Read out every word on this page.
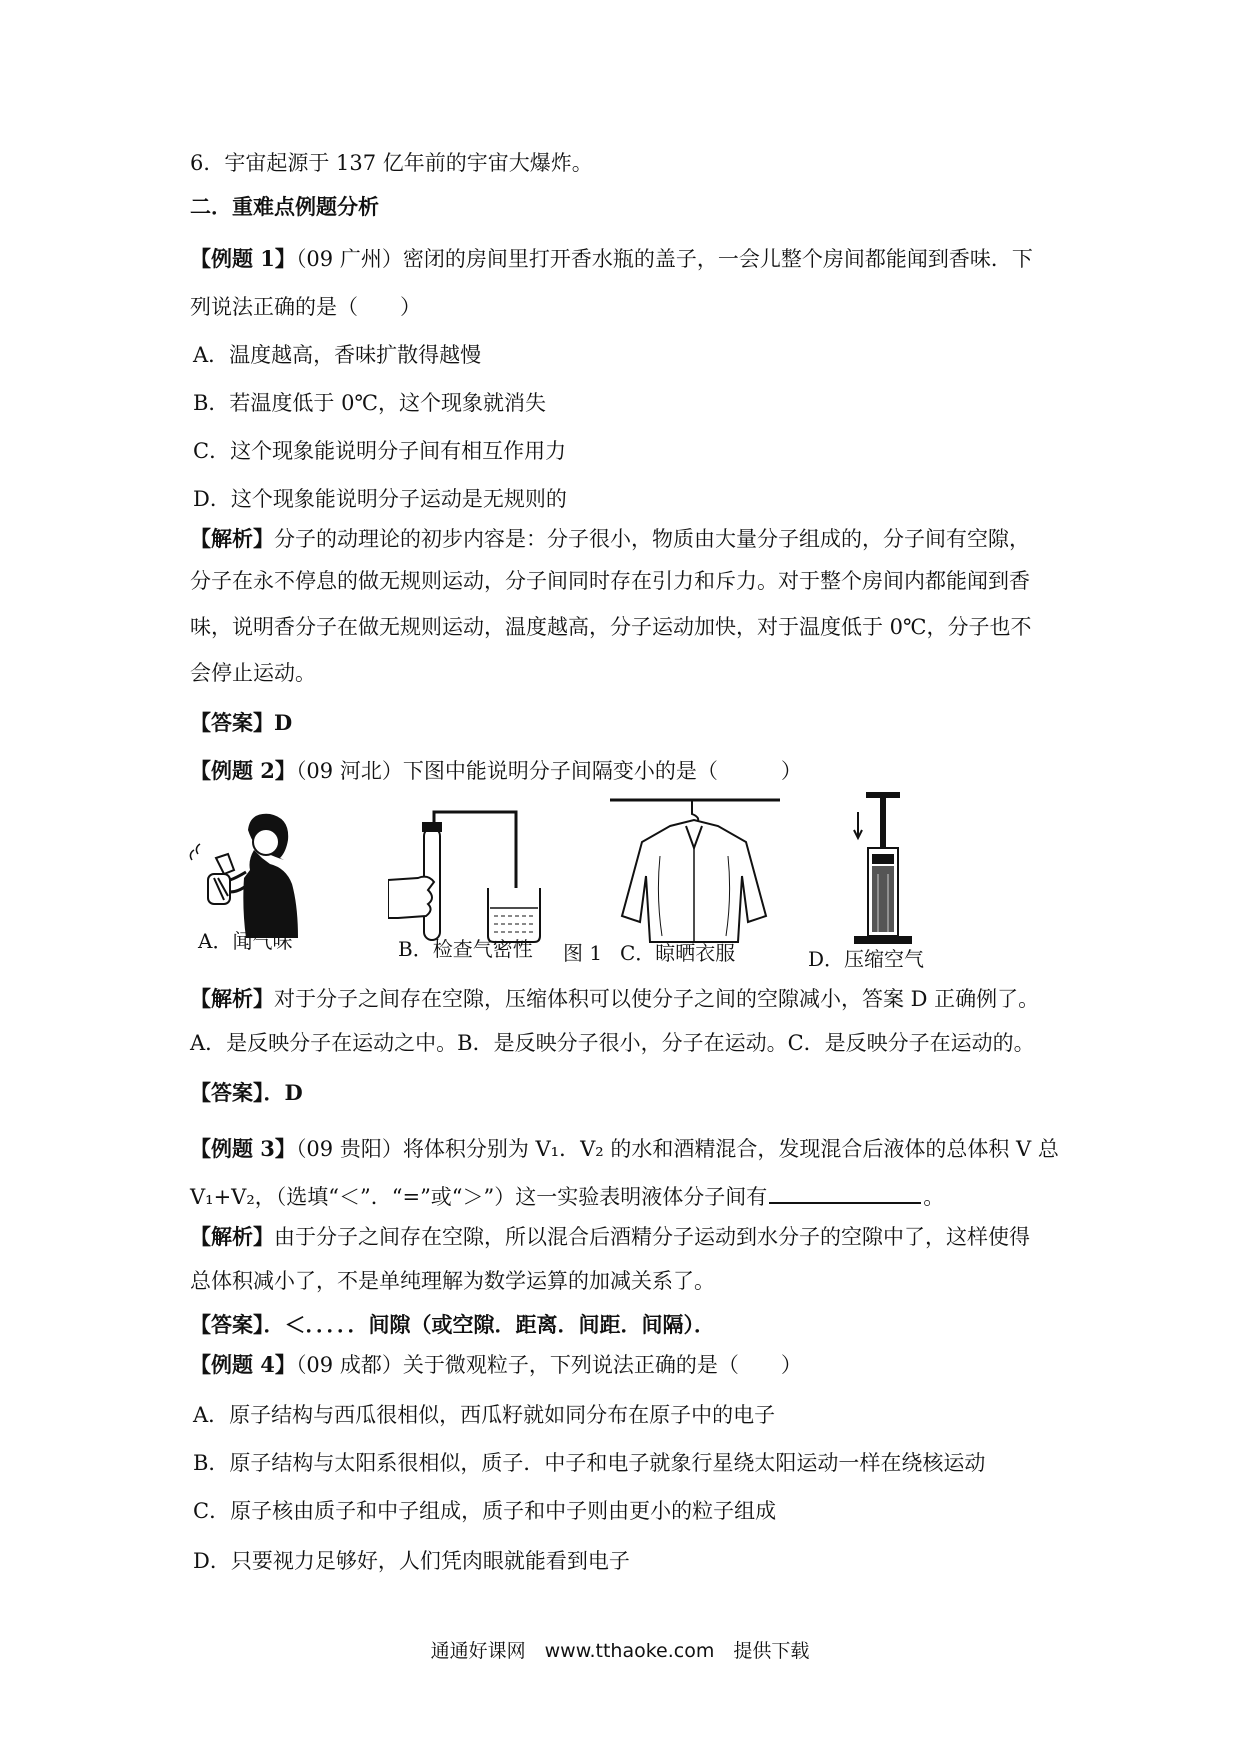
6．宇宙起源于 137 亿年前的宇宙大爆炸。
二．重难点例题分析
【例题 1】（09 广州）密闭的房间里打开香水瓶的盖子，一会儿整个房间都能闻到香味．下
列说法正确的是（　　）
A．温度越高，香味扩散得越慢
B．若温度低于 0℃，这个现象就消失
C．这个现象能说明分子间有相互作用力
D．这个现象能说明分子运动是无规则的
【解析】分子的动理论的初步内容是：分子很小，物质由大量分子组成的，分子间有空隙，
分子在永不停息的做无规则运动，分子间同时存在引力和斥力。对于整个房间内都能闻到香
味，说明香分子在做无规则运动，温度越高，分子运动加快，对于温度低于 0℃，分子也不
会停止运动。
【答案】D
【例题 2】（09 河北）下图中能说明分子间隔变小的是（　　　）
A．闻气味	B．检查气密性 图 1 C．晾晒衣服	D．压缩空气
【解析】对于分子之间存在空隙，压缩体积可以使分子之间的空隙减小，答案 D 正确例了。
A．是反映分子在运动之中。B．是反映分子很小，分子在运动。C．是反映分子在运动的。
【答案】．D
【例题 3】（09 贵阳）将体积分别为 V₁．V₂ 的水和酒精混合，发现混合后液体的总体积 V 总
V₁+V₂，（选填“＜”．“=”或“＞”）这一实验表明液体分子间有	。
【解析】由于分子之间存在空隙，所以混合后酒精分子运动到水分子的空隙中了，这样使得
总体积减小了，不是单纯理解为数学运算的加减关系了。
【答案】．＜．．．．．间隙（或空隙．距离．间距．间隔）．
【例题 4】（09 成都）关于微观粒子，下列说法正确的是（　　）
A．原子结构与西瓜很相似，西瓜籽就如同分布在原子中的电子
B．原子结构与太阳系很相似，质子．中子和电子就象行星绕太阳运动一样在绕核运动
C．原子核由质子和中子组成，质子和中子则由更小的粒子组成
D．只要视力足够好，人们凭肉眼就能看到电子
通通好课网　www.tthaoke.com　提供下载
